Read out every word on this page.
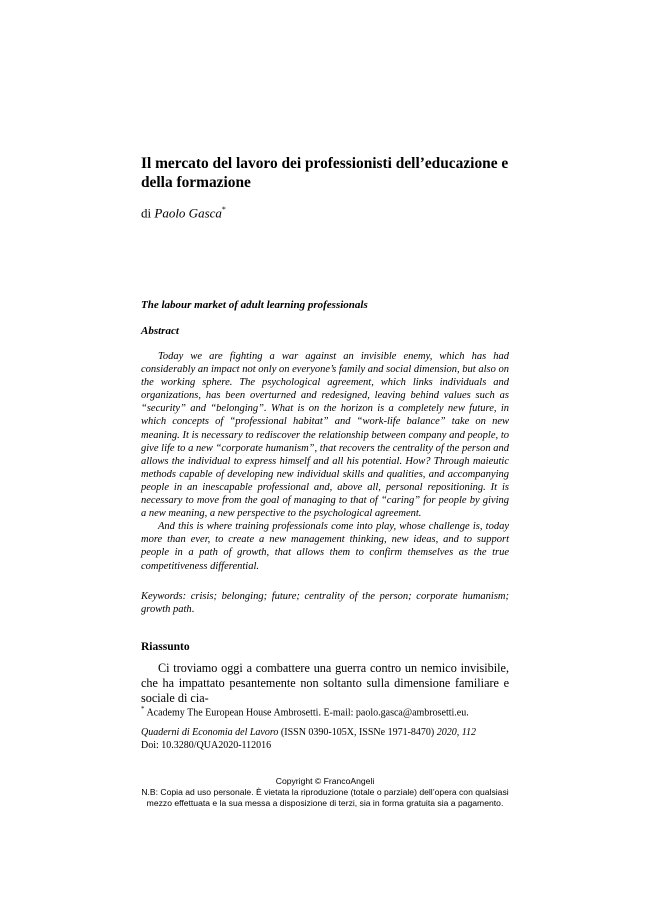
Il mercato del lavoro dei professionisti dell’educazione e della formazione

di Paolo Gasca*

The labour market of adult learning professionals

Abstract

Today we are fighting a war against an invisible enemy, which has had considerably an impact not only on everyone’s family and social dimension, but also on the working sphere. The psychological agreement, which links individuals and organizations, has been overturned and redesigned, leaving behind values such as “security” and “belonging”. What is on the horizon is a completely new future, in which concepts of “professional habitat” and “work-life balance” take on new meaning. It is necessary to rediscover the relationship between company and people, to give life to a new “corporate humanism”, that recovers the centrality of the person and allows the individual to express himself and all his potential. How? Through maieutic methods capable of developing new individual skills and qualities, and accompanying people in an inescapable professional and, above all, personal repositioning. It is necessary to move from the goal of managing to that of “caring” for people by giving a new meaning, a new perspective to the psychological agreement.

And this is where training professionals come into play, whose challenge is, today more than ever, to create a new management thinking, new ideas, and to support people in a path of growth, that allows them to confirm themselves as the true competitiveness differential.

Keywords: crisis; belonging; future; centrality of the person; corporate humanism; growth path.

Riassunto

Ci troviamo oggi a combattere una guerra contro un nemico invisibile, che ha impattato pesantemente non soltanto sulla dimensione familiare e sociale di cia-

* Academy The European House Ambrosetti. E-mail: paolo.gasca@ambrosetti.eu.

Quaderni di Economia del Lavoro (ISSN 0390-105X, ISSNe 1971-8470) 2020, 112
Doi: 10.3280/QUA2020-112016

Copyright © FrancoAngeli
N.B: Copia ad uso personale. È vietata la riproduzione (totale o parziale) dell’opera con qualsiasi
mezzo effettuata e la sua messa a disposizione di terzi, sia in forma gratuita sia a pagamento.
